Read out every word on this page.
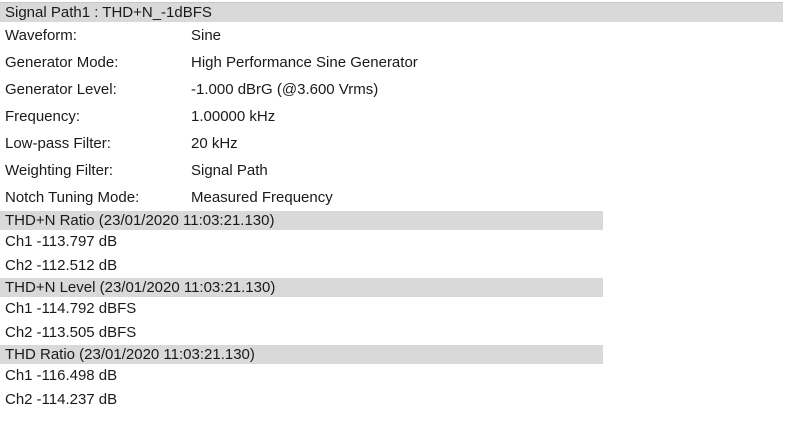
Signal Path1 : THD+N_-1dBFS
Waveform:	Sine
Generator Mode:	High Performance Sine Generator
Generator Level:	-1.000 dBrG (@3.600 Vrms)
Frequency:	1.00000 kHz
Low-pass Filter:	20 kHz
Weighting Filter:	Signal Path
Notch Tuning Mode:	Measured Frequency
THD+N Ratio (23/01/2020 11:03:21.130)
Ch1 -113.797 dB
Ch2 -112.512 dB
THD+N Level (23/01/2020 11:03:21.130)
Ch1 -114.792 dBFS
Ch2 -113.505 dBFS
THD Ratio (23/01/2020 11:03:21.130)
Ch1 -116.498 dB
Ch2 -114.237 dB
